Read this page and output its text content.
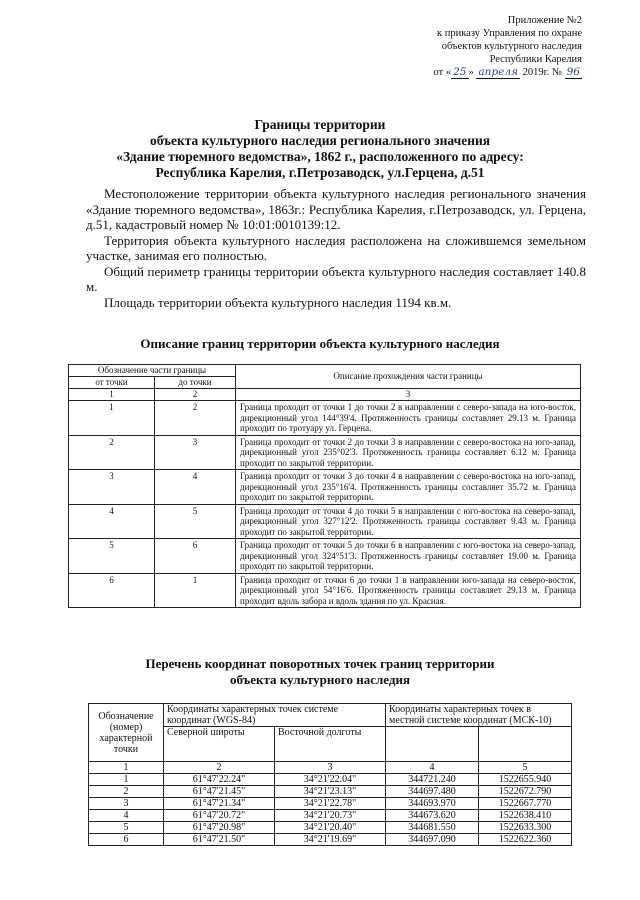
Приложение №2
к приказу Управления по охране
объектов культурного наследия
Республики Карелия
от « 25 » апреля 2019г. № 96
Границы территории
объекта культурного наследия регионального значения
«Здание тюремного ведомства», 1862 г., расположенного по адресу:
Республика Карелия, г.Петрозаводск, ул.Герцена, д.51

Местоположение территории объекта культурного наследия регионального значения «Здание тюремного ведомства», 1863г.: Республика Карелия, г.Петрозаводск, ул. Герцена, д.51, кадастровый номер № 10:01:0010139:12.

Территория объекта культурного наследия расположена на сложившемся земельном участке, занимая его полностью.

Общий периметр границы территории объекта культурного наследия составляет 140.8 м.

Площадь территории объекта культурного наследия 1194 кв.м.

Описание границ территории объекта культурного наследия
Обозначение части границы		Описание прохождения части границы
от точки	до точки	
1	2	3
1	2	Граница проходит от точки 1 до точки 2 в направлении с северо-запада на юго-восток, дирекционный угол 144°39'4. Протяженность границы составляет 29.13 м. Граница проходит по тротуару ул. Герцена.
2	3	Граница проходит от точки 2 до точки 3 в направлении с северо-востока на юго-запад, дирекционный угол 235°02'3. Протяженность границы составляет 6.12 м. Граница проходит по закрытой территории.
3	4	Граница проходит от точки 3 до точки 4 в направлении с северо-востока на юго-запад, дирекционный угол 235°16'4. Протяженность границы составляет 35.72 м. Граница проходит по закрытой территории.
4	5	Граница проходит от точки 4 до точки 5 в направлении с юго-востока на северо-запад, дирекционный угол 327°12'2. Протяженность границы составляет 9.43 м. Граница проходит по закрытой территории.
5	6	Граница проходит от точки 5 до точки 6 в направлении с юго-востока на северо-запад, дирекционный угол 324°51'3. Протяженность границы составляет 19.00 м. Граница проходит по закрытой территории.
6	1	Граница проходит от точки 6 до точки 1 в направлении юго-запада на северо-восток, дирекционный угол 54°16'6. Протяженность границы составляет 29.13 м. Граница проходит вдоль забора и вдоль здания по ул. Красная.
Перечень координат поворотных точек границ территории
объекта культурного наследия
Обозначение (номер) характерной точки	Координаты характерных точек системе координат (WGS-84)		Координаты характерных точек в местной системе координат (МСК-10)	
	Северной широты	Восточной долготы		
1	2	3	4	5
1	61°47'22.24"	34°21'22.04"	344721.240	1522655.940
2	61°47'21.45"	34°21'23.13"	344697.480	1522672.790
3	61°47'21.34"	34°21'22.78"	344693.970	1522667.770
4	61°47'20.72"	34°21'20.73"	344673.620	1522638.410
5	61°47'20.98"	34°21'20.40"	344681.550	1522633.300
6	61°47'21.50"	34°21'19.69"	344697.090	1522622.360
